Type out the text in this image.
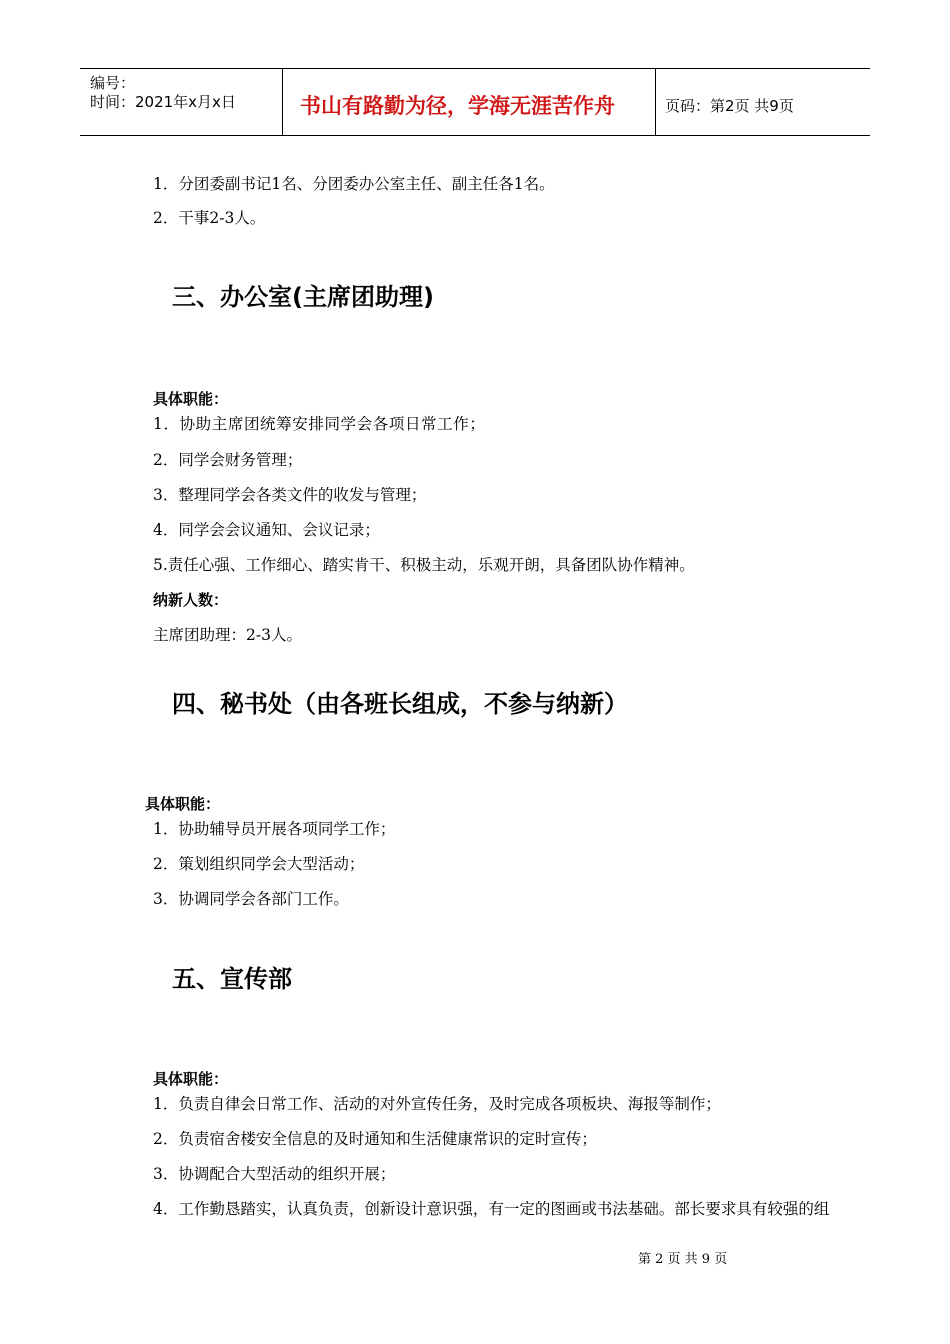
编号：
时间：2021年x月x日	书山有路勤为径，学海无涯苦作舟	页码：第2页 共9页
1．分团委副书记1名、分团委办公室主任、副主任各1名。
2．干事2-3人。
三、办公室(主席团助理)
具体职能：
1．协助主席团统筹安排同学会各项日常工作；
2．同学会财务管理；
3．整理同学会各类文件的收发与管理；
4．同学会会议通知、会议记录；
5.责任心强、工作细心、踏实肯干、积极主动，乐观开朗，具备团队协作精神。
纳新人数：
主席团助理：2-3人。
四、秘书处（由各班长组成，不参与纳新）
具体职能：
1．协助辅导员开展各项同学工作；
2．策划组织同学会大型活动；
3．协调同学会各部门工作。
五、宣传部
具体职能：
1．负责自律会日常工作、活动的对外宣传任务，及时完成各项板块、海报等制作；
2．负责宿舍楼安全信息的及时通知和生活健康常识的定时宣传；
3．协调配合大型活动的组织开展；
4．工作勤恳踏实，认真负责，创新设计意识强，有一定的图画或书法基础。部长要求具有较强的组
第 2 页 共 9 页
